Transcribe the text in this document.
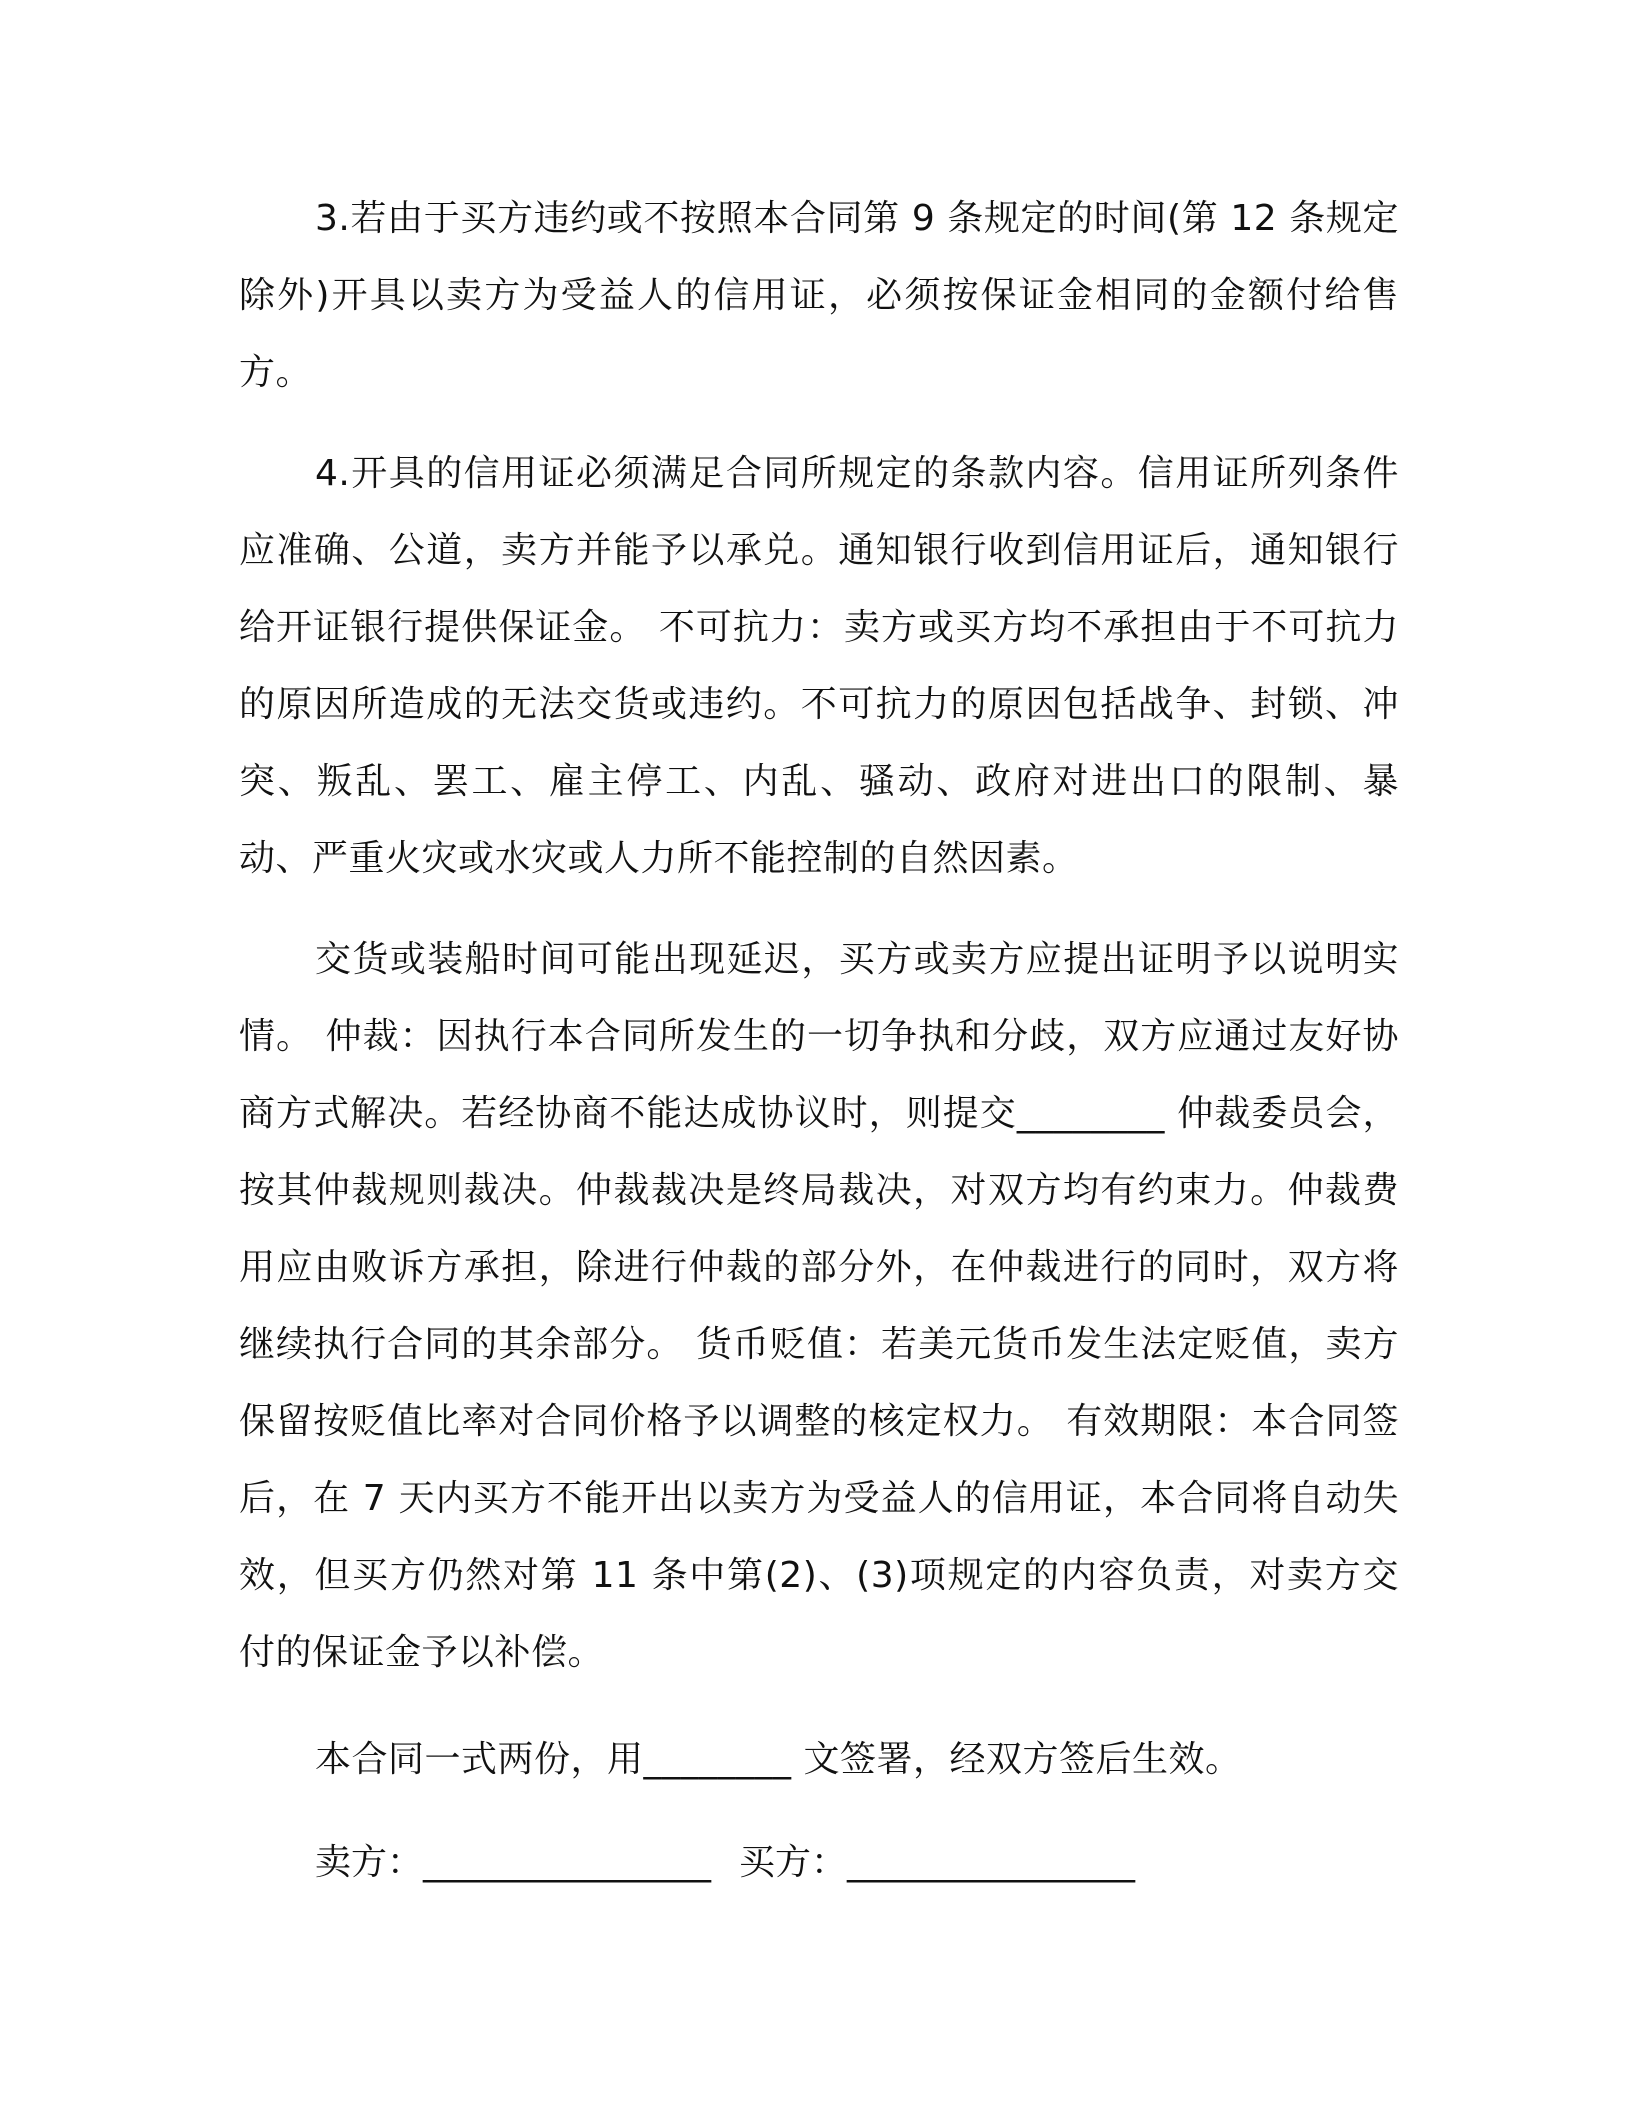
3.若由于买方违约或不按照本合同第 9 条规定的时间(第 12 条规定除外)开具以卖方为受益人的信用证，必须按保证金相同的金额付给售方。

4.开具的信用证必须满足合同所规定的条款内容。信用证所列条件应准确、公道，卖方并能予以承兑。通知银行收到信用证后，通知银行给开证银行提供保证金。 不可抗力：卖方或买方均不承担由于不可抗力的原因所造成的无法交货或违约。不可抗力的原因包括战争、封锁、冲突、叛乱、罢工、雇主停工、内乱、骚动、政府对进出口的限制、暴动、严重火灾或水灾或人力所不能控制的自然因素。

交货或装船时间可能出现延迟，买方或卖方应提出证明予以说明实情。 仲裁：因执行本合同所发生的一切争执和分歧，双方应通过友好协商方式解决。若经协商不能达成协议时，则提交________ 仲裁委员会，按其仲裁规则裁决。仲裁裁决是终局裁决，对双方均有约束力。仲裁费用应由败诉方承担，除进行仲裁的部分外，在仲裁进行的同时，双方将继续执行合同的其余部分。 货币贬值：若美元货币发生法定贬值，卖方保留按贬值比率对合同价格予以调整的核定权力。 有效期限：本合同签后，在 7 天内买方不能开出以卖方为受益人的信用证，本合同将自动失效，但买方仍然对第 11 条中第(2)、(3)项规定的内容负责，对卖方交付的保证金予以补偿。

本合同一式两份，用________ 文签署，经双方签后生效。

卖方：________________ 买方：________________
